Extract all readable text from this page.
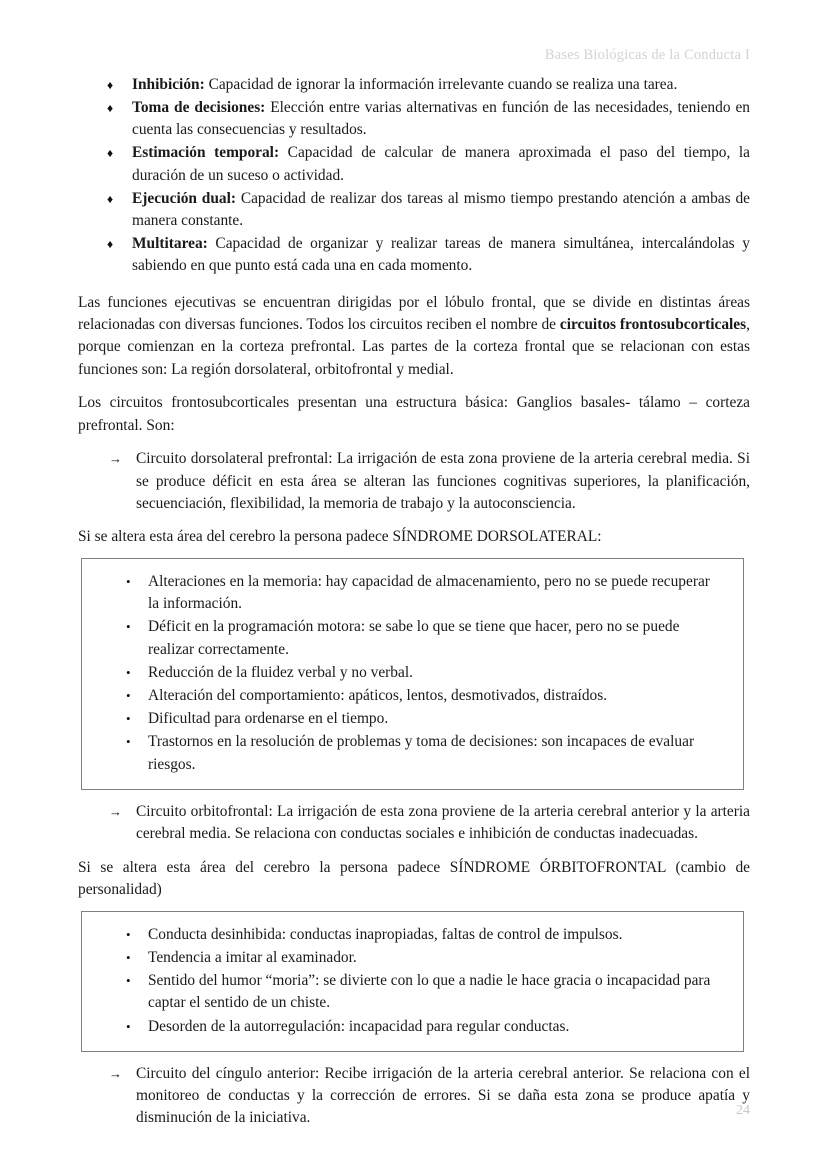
Bases Biológicas de la Conducta I
♦ Inhibición: Capacidad de ignorar la información irrelevante cuando se realiza una tarea.
♦ Toma de decisiones: Elección entre varias alternativas en función de las necesidades, teniendo en cuenta las consecuencias y resultados.
♦ Estimación temporal: Capacidad de calcular de manera aproximada el paso del tiempo, la duración de un suceso o actividad.
♦ Ejecución dual: Capacidad de realizar dos tareas al mismo tiempo prestando atención a ambas de manera constante.
♦ Multitarea: Capacidad de organizar y realizar tareas de manera simultánea, intercalándolas y sabiendo en que punto está cada una en cada momento.

Las funciones ejecutivas se encuentran dirigidas por el lóbulo frontal, que se divide en distintas áreas relacionadas con diversas funciones. Todos los circuitos reciben el nombre de circuitos frontosubcorticales, porque comienzan en la corteza prefrontal. Las partes de la corteza frontal que se relacionan con estas funciones son: La región dorsolateral, orbitofrontal y medial.

Los circuitos frontosubcorticales presentan una estructura básica: Ganglios basales- tálamo – corteza prefrontal. Son:

→ Circuito dorsolateral prefrontal: La irrigación de esta zona proviene de la arteria cerebral media. Si se produce déficit en esta área se alteran las funciones cognitivas superiores, la planificación, secuenciación, flexibilidad, la memoria de trabajo y la autoconsciencia.

Si se altera esta área del cerebro la persona padece SÍNDROME DORSOLATERAL:

• Alteraciones en la memoria: hay capacidad de almacenamiento, pero no se puede recuperar la información.
• Déficit en la programación motora: se sabe lo que se tiene que hacer, pero no se puede realizar correctamente.
• Reducción de la fluidez verbal y no verbal.
• Alteración del comportamiento: apáticos, lentos, desmotivados, distraídos.
• Dificultad para ordenarse en el tiempo.
• Trastornos en la resolución de problemas y toma de decisiones: son incapaces de evaluar riesgos.
→ Circuito orbitofrontal: La irrigación de esta zona proviene de la arteria cerebral anterior y la arteria cerebral media. Se relaciona con conductas sociales e inhibición de conductas inadecuadas.

Si se altera esta área del cerebro la persona padece SÍNDROME ÓRBITOFRONTAL (cambio de personalidad)

• Conducta desinhibida: conductas inapropiadas, faltas de control de impulsos.
• Tendencia a imitar al examinador.
• Sentido del humor “moria”: se divierte con lo que a nadie le hace gracia o incapacidad para captar el sentido de un chiste.
• Desorden de la autorregulación: incapacidad para regular conductas.
→ Circuito del cíngulo anterior: Recibe irrigación de la arteria cerebral anterior. Se relaciona con el monitoreo de conductas y la corrección de errores. Si se daña esta zona se produce apatía y disminución de la iniciativa.	24
